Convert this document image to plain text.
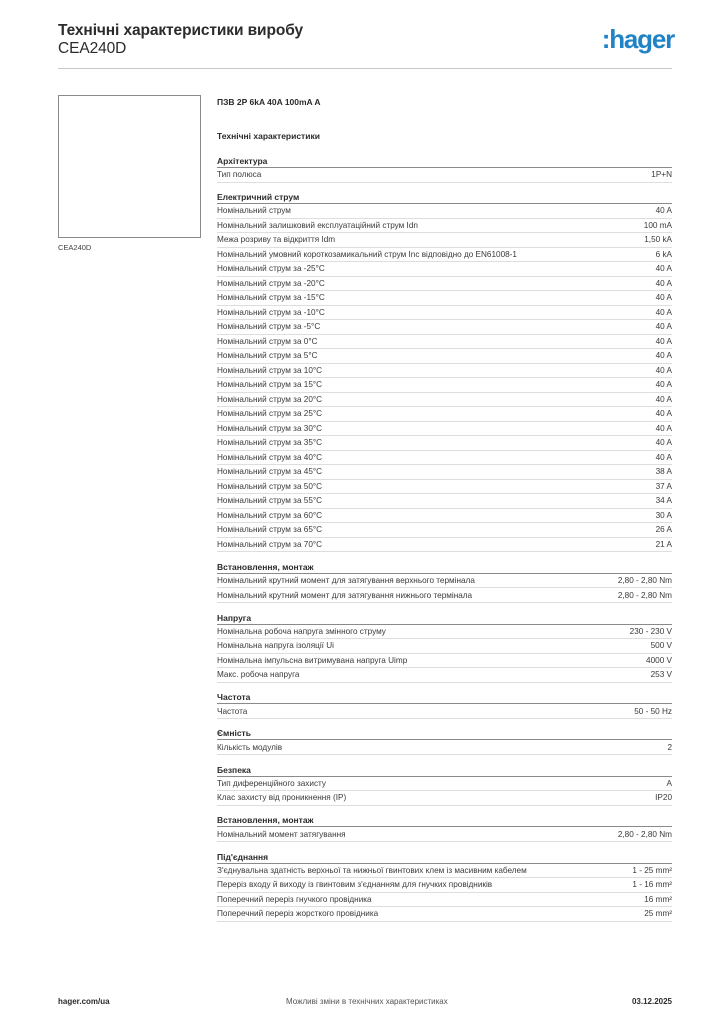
Технічні характеристики виробу
CEA240D	:hager
CEA240D
ПЗВ 2P 6kA 40A 100mA A
Технічні характеристики
Архітектура
Тип полюса	1P+N
Електричний струм
Номінальний струм	40 A
Номінальний залишковий експлуатаційний струм Idn	100 mA
Межа розриву та відкриття Idm	1,50 kA
Номінальний умовний короткозамикальний струм Inc відповідно до EN61008-1	6 kA
Номінальний струм за -25°C	40 A
Номінальний струм за -20°C	40 A
Номінальний струм за -15°C	40 A
Номінальний струм за -10°C	40 A
Номінальний струм за -5°C	40 A
Номінальний струм за 0°C	40 A
Номінальний струм за 5°C	40 A
Номінальний струм за 10°C	40 A
Номінальний струм за 15°C	40 A
Номінальний струм за 20°C	40 A
Номінальний струм за 25°C	40 A
Номінальний струм за 30°C	40 A
Номінальний струм за 35°C	40 A
Номінальний струм за 40°C	40 A
Номінальний струм за 45°C	38 A
Номінальний струм за 50°C	37 A
Номінальний струм за 55°C	34 A
Номінальний струм за 60°C	30 A
Номінальний струм за 65°C	26 A
Номінальний струм за 70°C	21 A
Встановлення, монтаж
Номінальний крутний момент для затягування верхнього термінала	2,80 - 2,80 Nm
Номінальний крутний момент для затягування нижнього термінала	2,80 - 2,80 Nm
Напруга
Номінальна робоча напруга змінного струму	230 - 230 V
Номінальна напруга ізоляції Ui	500 V
Номінальна імпульсна витримувана напруга Uimp	4000 V
Макс. робоча напруга	253 V
Частота
Частота	50 - 50 Hz
Ємність
Кількість модулів	2
Безпека
Тип диференційного захисту	A
Клас захисту від проникнення (IP)	IP20
Встановлення, монтаж
Номінальний момент затягування	2,80 - 2,80 Nm
Під'єднання
З'єднувальна здатність верхньої та нижньої гвинтових клем із масивним кабелем	1 - 25 mm²
Переріз входу й виходу із гвинтовим з'єднанням для гнучких провідників	1 - 16 mm²
Поперечний переріз гнучкого провідника	16 mm²
Поперечний переріз жорсткого провідника	25 mm²
hager.com/ua	Можливі зміни в технічних характеристиках	03.12.2025
